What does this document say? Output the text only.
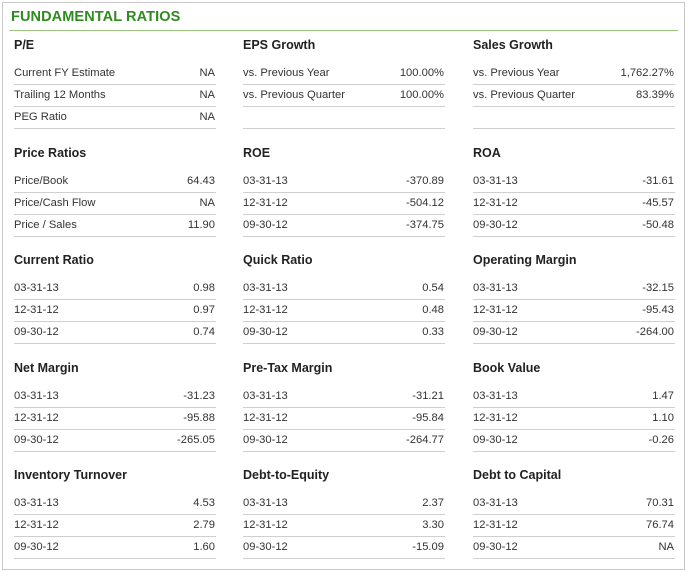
FUNDAMENTAL RATIOS
P/E
Current FY Estimate	NA
Trailing 12 Months	NA
PEG Ratio	NA
EPS Growth
vs. Previous Year	100.00%
vs. Previous Quarter	100.00%
Sales Growth
vs. Previous Year	1,762.27%
vs. Previous Quarter	83.39%
Price Ratios
Price/Book	64.43
Price/Cash Flow	NA
Price / Sales	11.90
ROE
03-31-13	-370.89
12-31-12	-504.12
09-30-12	-374.75
ROA
03-31-13	-31.61
12-31-12	-45.57
09-30-12	-50.48
Current Ratio
03-31-13	0.98
12-31-12	0.97
09-30-12	0.74
Quick Ratio
03-31-13	0.54
12-31-12	0.48
09-30-12	0.33
Operating Margin
03-31-13	-32.15
12-31-12	-95.43
09-30-12	-264.00
Net Margin
03-31-13	-31.23
12-31-12	-95.88
09-30-12	-265.05
Pre-Tax Margin
03-31-13	-31.21
12-31-12	-95.84
09-30-12	-264.77
Book Value
03-31-13	1.47
12-31-12	1.10
09-30-12	-0.26
Inventory Turnover
03-31-13	4.53
12-31-12	2.79
09-30-12	1.60
Debt-to-Equity
03-31-13	2.37
12-31-12	3.30
09-30-12	-15.09
Debt to Capital
03-31-13	70.31
12-31-12	76.74
09-30-12	NA
